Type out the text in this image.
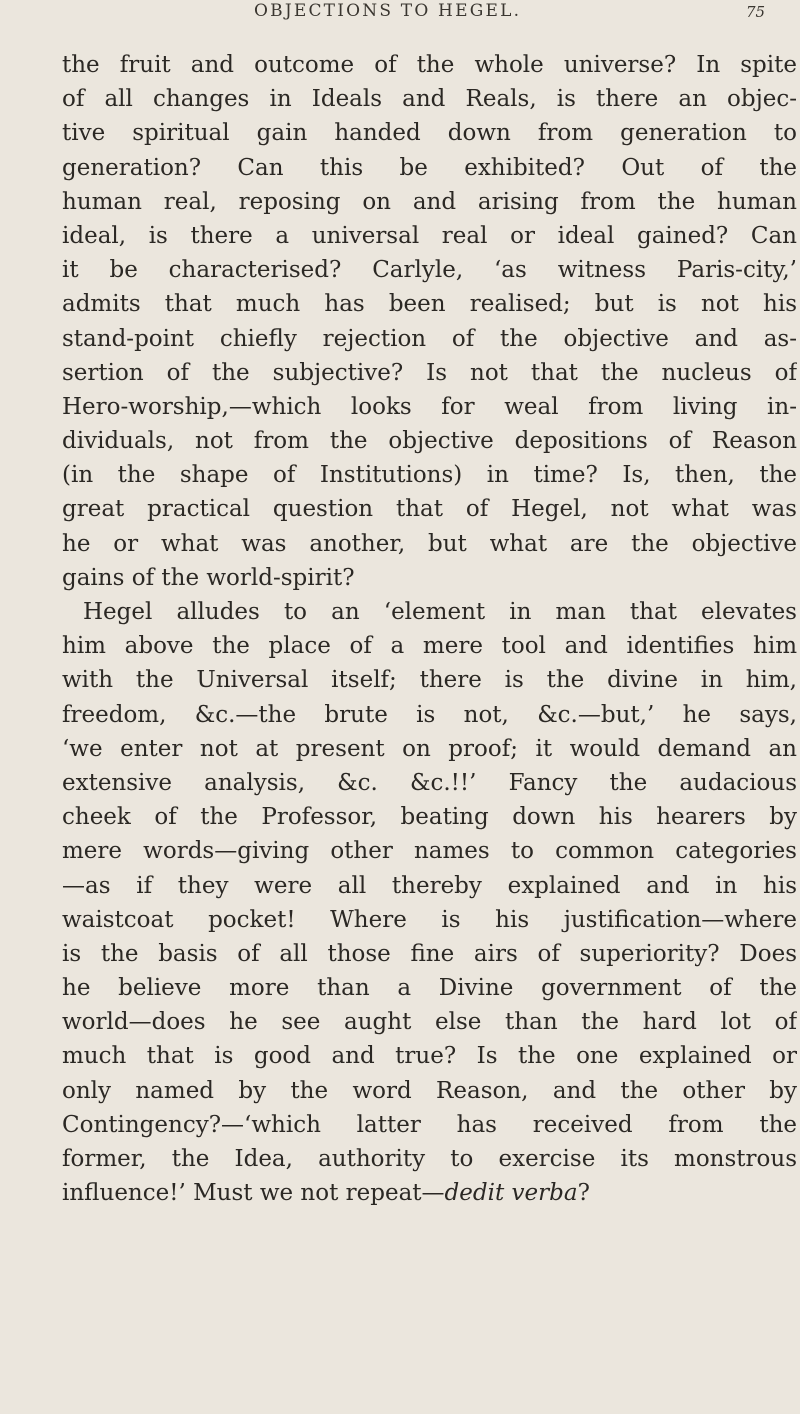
OBJECTIONS TO HEGEL.	75
the fruit and outcome of the whole universe? In spite
of all changes in Ideals and Reals, is there an objec-
tive spiritual gain handed down from generation to
generation? Can this be exhibited? Out of the
human real, reposing on and arising from the human
ideal, is there a universal real or ideal gained? Can
it be characterised? Carlyle, ‘as witness Paris-city,’
admits that much has been realised; but is not his
stand-point chiefly rejection of the objective and as-
sertion of the subjective? Is not that the nucleus of
Hero-worship,—which looks for weal from living in-
dividuals, not from the objective depositions of Reason
(in the shape of Institutions) in time? Is, then, the
great practical question that of Hegel, not what was
he or what was another, but what are the objective
gains of the world-spirit?
Hegel alludes to an ‘element in man that elevates
him above the place of a mere tool and identifies him
with the Universal itself; there is the divine in him,
freedom, &c.—the brute is not, &c.—but,’ he says,
‘we enter not at present on proof; it would demand an
extensive analysis, &c. &c.!!’ Fancy the audacious
cheek of the Professor, beating down his hearers by
mere words—giving other names to common categories
—as if they were all thereby explained and in his
waistcoat pocket! Where is his justification—where
is the basis of all those fine airs of superiority? Does
he believe more than a Divine government of the
world—does he see aught else than the hard lot of
much that is good and true? Is the one explained or
only named by the word Reason, and the other by
Contingency?—‘which latter has received from the
former, the Idea, authority to exercise its monstrous
influence!’ Must we not repeat—dedit verba?
